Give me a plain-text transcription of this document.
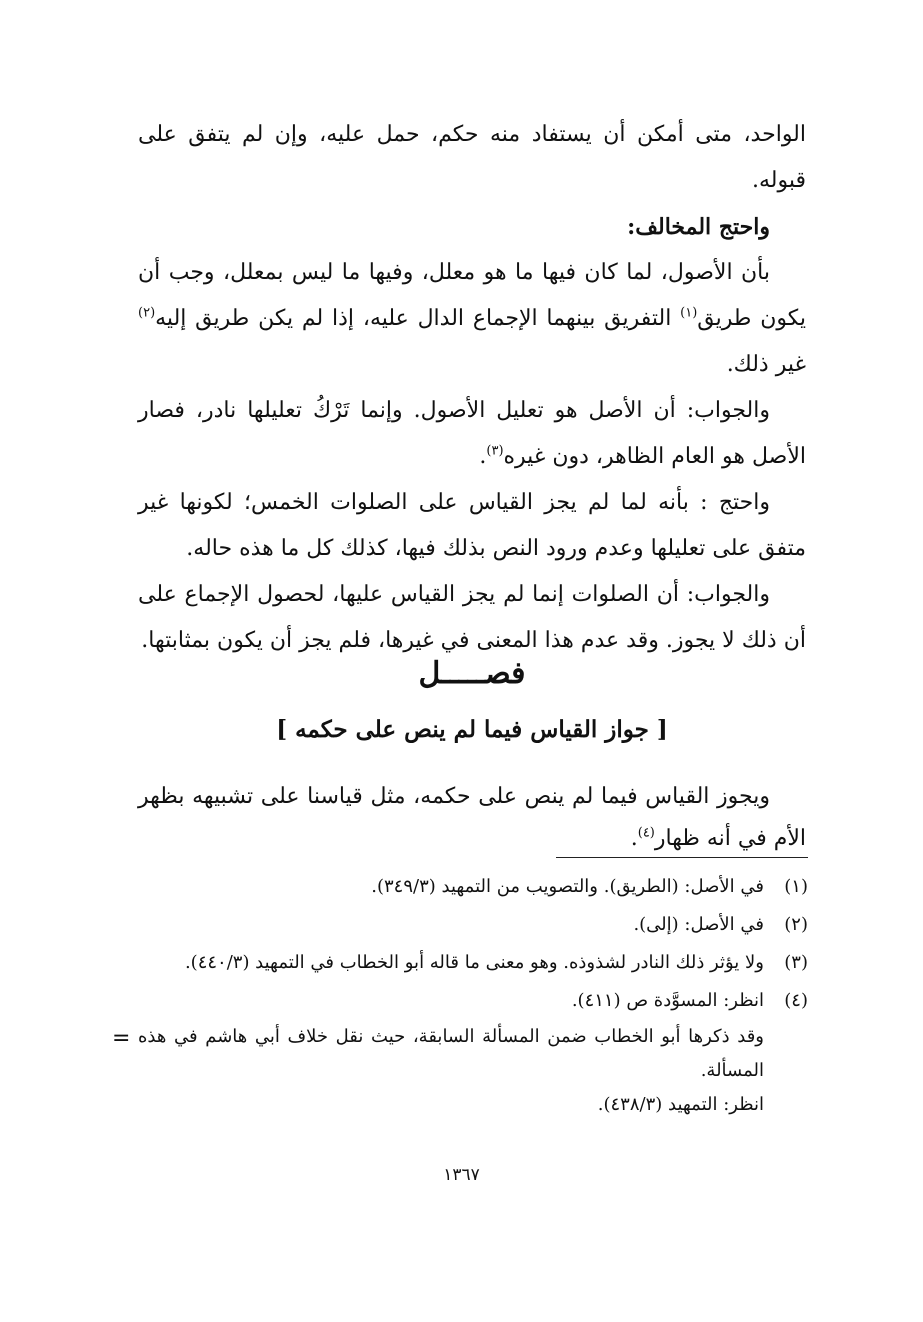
الواحد، متى أمكن أن يستفاد منه حكم، حمل عليه، وإن لم يتفق على قبوله.

واحتج المخالف:

بأن الأصول، لما كان فيها ما هو معلل، وفيها ما ليس بمعلل، وجب أن يكون طريق$^{(١)}$ التفريق بينهما الإجماع الدال عليه، إذا لم يكن طريق إليه$^{(٢)}$ غير ذلك.

والجواب: أن الأصل هو تعليل الأصول. وإنما تَرْكُ تعليلها نادر، فصار الأصل هو العام الظاهر، دون غيره$^{(٣)}$.

واحتج : بأنه لما لم يجز القياس على الصلوات الخمس؛ لكونها غير متفق على تعليلها وعدم ورود النص بذلك فيها، كذلك كل ما هذه حاله.

والجواب: أن الصلوات إنما لم يجز القياس عليها، لحصول الإجماع على أن ذلك لا يجوز. وقد عدم هذا المعنى في غيرها، فلم يجز أن يكون بمثابتها.

فصـــــل
[ جواز القياس فيما لم ينص على حكمه ]

ويجوز القياس فيما لم ينص على حكمه، مثل قياسنا على تشبيهه بظهر الأم في أنه ظهار$^{(٤)}$.

(١)
في الأصل: (الطريق). والتصويب من التمهيد (٣٤٩/٣).
(٢)
في الأصل: (إلى).
(٣)
ولا يؤثر ذلك النادر لشذوذه. وهو معنى ما قاله أبو الخطاب في التمهيد (٤٤٠/٣).
(٤)
انظر: المسوَّدة ص (٤١١).
وقد ذكرها أبو الخطاب ضمن المسألة السابقة، حيث نقل خلاف أبي هاشم في هذه المسألة.
انظر: التمهيد (٤٣٨/٣).
=
١٣٦٧
